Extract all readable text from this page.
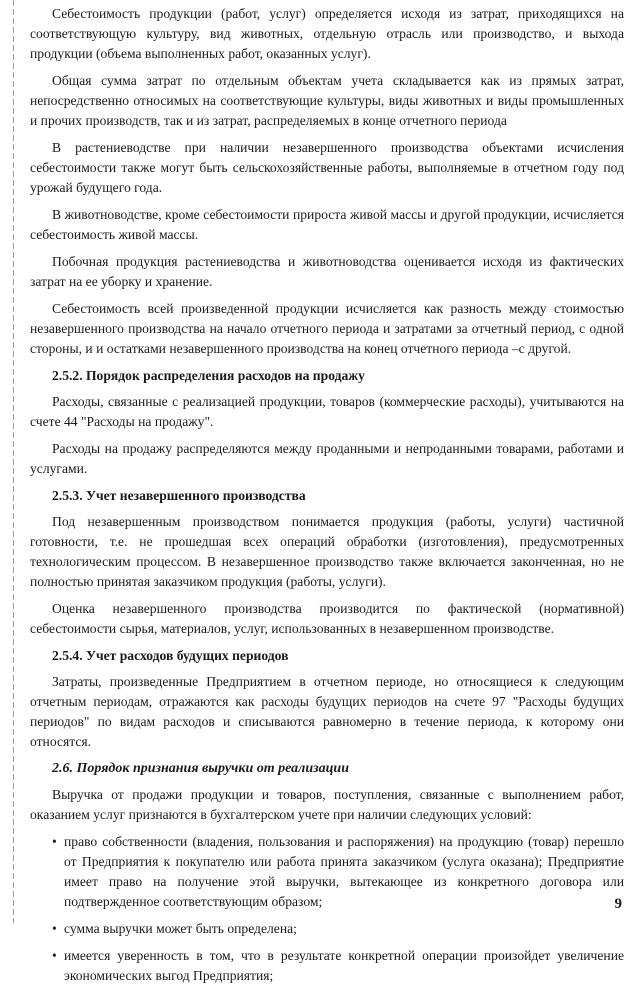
Себестоимость продукции (работ, услуг) определяется исходя из затрат, приходящихся на соответствующую культуру, вид животных, отдельную отрасль или производство, и выхода продукции (объема выполненных работ, оказанных услуг).

Общая сумма затрат по отдельным объектам учета складывается как из прямых затрат, непосредственно относимых на соответствующие культуры, виды животных и виды промышленных и прочих производств, так и из затрат, распределяемых в конце отчетного периода

В растениеводстве при наличии незавершенного производства объектами исчисления себестоимости также могут быть сельскохозяйственные работы, выполняемые в отчетном году под урожай будущего года.

В животноводстве, кроме себестоимости прироста живой массы и другой продукции, исчисляется себестоимость живой массы.

Побочная продукция растениеводства и животноводства оценивается исходя из фактических затрат на ее уборку и хранение.

Себестоимость всей произведенной продукции исчисляется как разность между стоимостью незавершенного производства на начало отчетного периода и затратами за отчетный период, с одной стороны, и и остатками незавершенного производства на конец отчетного периода –с другой.

2.5.2. Порядок распределения расходов на продажу

Расходы, связанные с реализацией продукции, товаров (коммерческие расходы), учитываются на счете 44 "Расходы на продажу".

Расходы на продажу распределяются между проданными и непроданными товарами, работами и услугами.

2.5.3. Учет незавершенного производства

Под незавершенным производством понимается продукция (работы, услуги) частичной готовности, т.е. не прошедшая всех операций обработки (изготовления), предусмотренных технологическим процессом. В незавершенное производство также включается законченная, но не полностью принятая заказчиком продукция (работы, услуги).

Оценка незавершенного производства производится по фактической (нормативной) себестоимости сырья, материалов, услуг, использованных в незавершенном производстве.

2.5.4. Учет расходов будущих периодов

Затраты, произведенные Предприятием в отчетном периоде, но относящиеся к следующим отчетным периодам, отражаются как расходы будущих периодов на счете 97 "Расходы будущих периодов" по видам расходов и списываются равномерно в течение периода, к которому они относятся.

2.6. Порядок признания выручки от реализации

Выручка от продажи продукции и товаров, поступления, связанные с выполнением работ, оказанием услуг признаются в бухгалтерском учете при наличии следующих условий:

• право собственности (владения, пользования и распоряжения) на продукцию (товар) перешло от Предприятия к покупателю или работа принята заказчиком (услуга оказана); Предприятие имеет право на получение этой выручки, вытекающее из конкретного договора или подтвержденное соответствующим образом;
• сумма выручки может быть определена;
• имеется уверенность в том, что в результате конкретной операции произойдет увеличение экономических выгод Предприятия;
9
